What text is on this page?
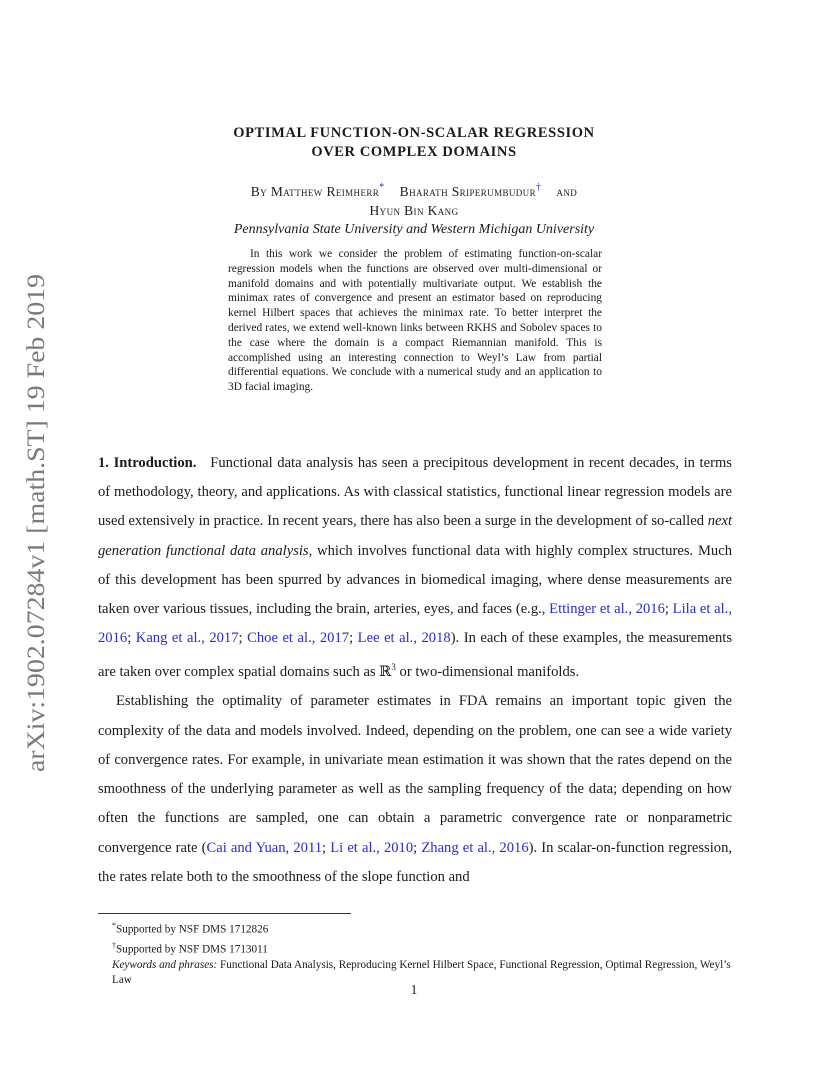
arXiv:1902.07284v1 [math.ST] 19 Feb 2019
OPTIMAL FUNCTION-ON-SCALAR REGRESSION
OVER COMPLEX DOMAINS
By Matthew Reimherr* Bharath Sriperumbudur† and
Hyun Bin Kang
Pennsylvania State University and Western Michigan University
In this work we consider the problem of estimating function-on-scalar regression models when the functions are observed over multi-dimensional or manifold domains and with potentially multivariate output. We establish the minimax rates of convergence and present an estimator based on reproducing kernel Hilbert spaces that achieves the minimax rate. To better interpret the derived rates, we extend well-known links between RKHS and Sobolev spaces to the case where the domain is a compact Riemannian manifold. This is accomplished using an interesting connection to Weyl’s Law from partial differential equations. We conclude with a numerical study and an application to 3D facial imaging.

1. Introduction. Functional data analysis has seen a precipitous development in recent decades, in terms of methodology, theory, and applications. As with classical statistics, functional linear regression models are used extensively in practice. In recent years, there has also been a surge in the development of so-called next generation functional data analysis, which involves functional data with highly complex structures. Much of this development has been spurred by advances in biomedical imaging, where dense measurements are taken over various tissues, including the brain, arteries, eyes, and faces (e.g., Ettinger et al., 2016; Lila et al., 2016; Kang et al., 2017; Choe et al., 2017; Lee et al., 2018). In each of these examples, the measurements are taken over complex spatial domains such as ℝ$^3$ or two-dimensional manifolds.

Establishing the optimality of parameter estimates in FDA remains an important topic given the complexity of the data and models involved. Indeed, depending on the problem, one can see a wide variety of convergence rates. For example, in univariate mean estimation it was shown that the rates depend on the smoothness of the underlying parameter as well as the sampling frequency of the data; depending on how often the functions are sampled, one can obtain a parametric convergence rate or nonparametric convergence rate (Cai and Yuan, 2011; Li et al., 2010; Zhang et al., 2016). In scalar-on-function regression, the rates relate both to the smoothness of the slope function and

*Supported by NSF DMS 1712826
†Supported by NSF DMS 1713011
Keywords and phrases: Functional Data Analysis, Reproducing Kernel Hilbert Space, Functional Regression, Optimal Regression, Weyl’s Law
1
